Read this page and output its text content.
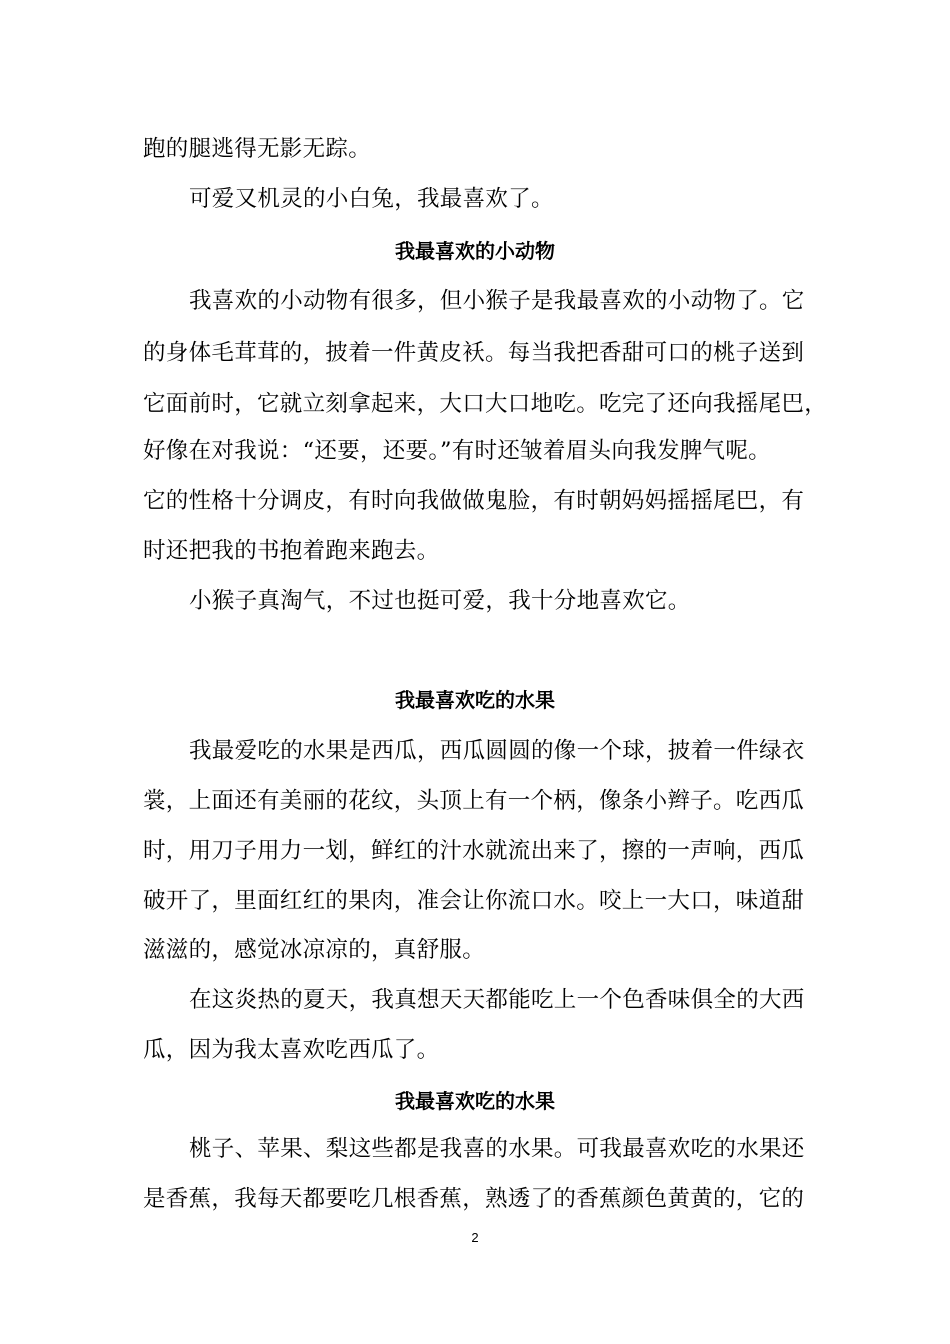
跑的腿逃得无影无踪。
可爱又机灵的小白兔，我最喜欢了。
我最喜欢的小动物
我喜欢的小动物有很多，但小猴子是我最喜欢的小动物了。它
的身体毛茸茸的，披着一件黄皮袄。每当我把香甜可口的桃子送到
它面前时，它就立刻拿起来，大口大口地吃。吃完了还向我摇尾巴，
好像在对我说：“还要，还要。”有时还皱着眉头向我发脾气呢。
它的性格十分调皮，有时向我做做鬼脸，有时朝妈妈摇摇尾巴，有
时还把我的书抱着跑来跑去。
小猴子真淘气，不过也挺可爱，我十分地喜欢它。
我最喜欢吃的水果
我最爱吃的水果是西瓜，西瓜圆圆的像一个球，披着一件绿衣
裳，上面还有美丽的花纹，头顶上有一个柄，像条小辫子。吃西瓜
时，用刀子用力一划，鲜红的汁水就流出来了，擦的一声响，西瓜
破开了，里面红红的果肉，准会让你流口水。咬上一大口，味道甜
滋滋的，感觉冰凉凉的，真舒服。
在这炎热的夏天，我真想天天都能吃上一个色香味俱全的大西
瓜，因为我太喜欢吃西瓜了。
我最喜欢吃的水果
桃子、苹果、梨这些都是我喜的水果。可我最喜欢吃的水果还
是香蕉，我每天都要吃几根香蕉，熟透了的香蕉颜色黄黄的，它的
2
